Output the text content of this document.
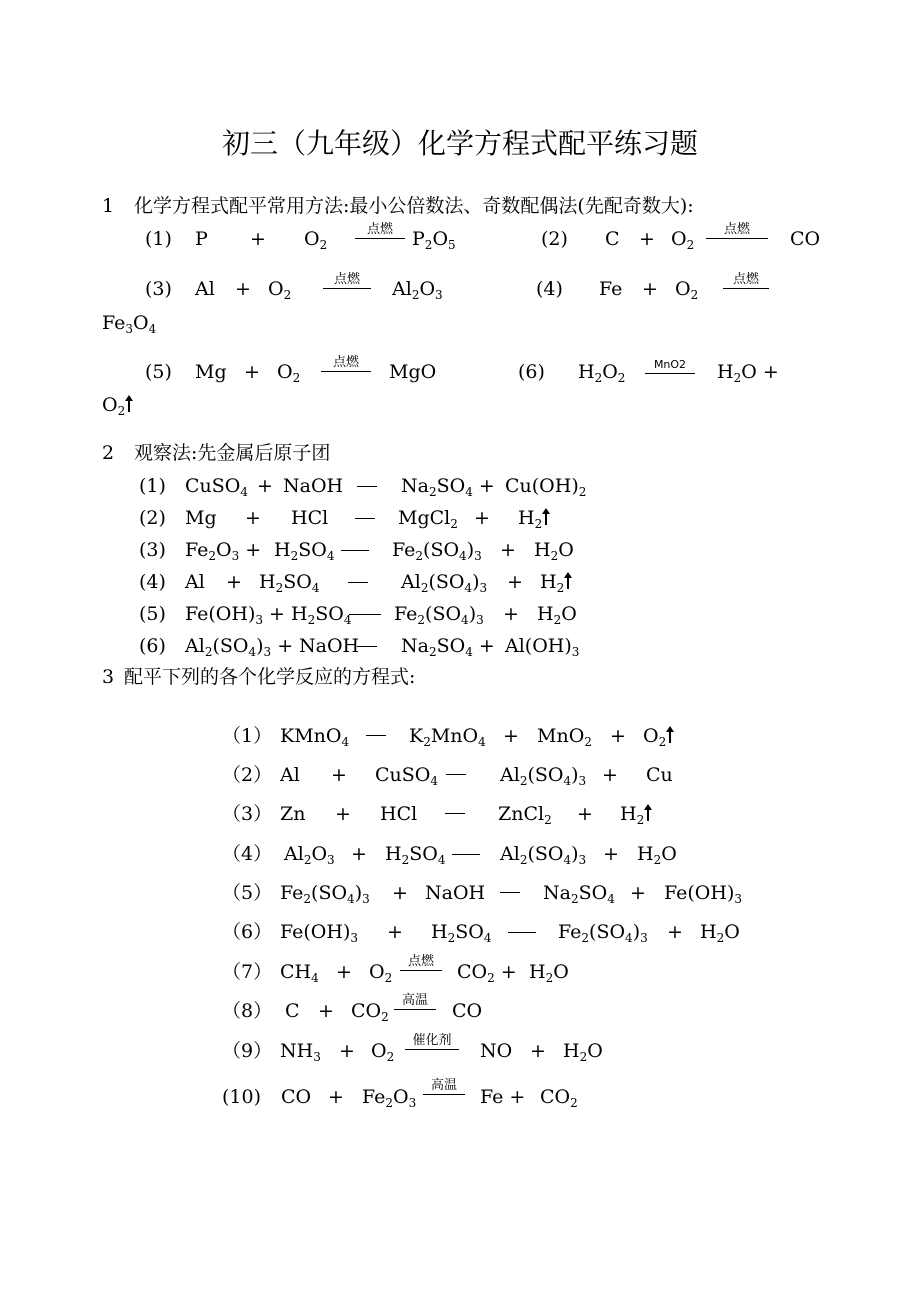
初三（九年级）化学方程式配平练习题
1 化学方程式配平常用方法:最小公倍数法、奇数配偶法(先配奇数大):
(1) $P + O_2$
点燃	$P_2O_5$	(2) $C + O_2$
点燃	CO
(3) $Al + O_2$
点燃	$Al_2O_3$	(4) $Fe + O_2$
点燃
$Fe_3O_4$
(5) $Mg + O_2$
点燃	MgO	(6) $H_2O_2$
MnO2	$H_2O$ +
$O_2$
2 观察法:先金属后原子团
(1) CuSO$_4$ + NaOH	$Na_2SO_4 + Cu(OH)_2$
(2) Mg + HCl	MgCl$_2$ + $H_2$
(3) $Fe_2O_3 + H_2SO_4$	$Fe_2(SO_4)_3 + H_2O$
(4) $Al + H_2SO_4$	$Al_2(SO_4)_3 + H_2$
(5) $Fe(OH)_3 + H_2SO_4$ $Fe_2(SO_4)_3 + H_2O$
(6) $Al_2(SO_4)_3$ + NaOH $Na_2SO_4 + Al(OH)_3$
3 配平下列的各个化学反应的方程式:
（1） KMnO$_4$	$K_2MnO_4 + MnO_2 + O_2$
（2） Al + CuSO$_4$	$Al_2(SO_4)_3 + Cu$
（3） Zn + HCl	ZnCl$_2$ + $H_2$
（4） $Al_2O_3 + H_2SO_4$	$Al_2(SO_4)_3 + H_2O$
（5） $Fe_2(SO_4)_3$ + NaOH	$Na_2SO_4 + Fe(OH)_3$
（6） $Fe(OH)_3 + H_2SO_4$	$Fe_2(SO_4)_3 + H_2O$
（7） $CH_4 + O_2$
点燃	$CO_2 + H_2O$
（8） $C + CO_2$
高温	CO
（9） $NH_3 + O_2$
催化剂	NO + $H_2O$
(10) CO + $Fe_2O_3$
高温
$Fe + CO_2$
